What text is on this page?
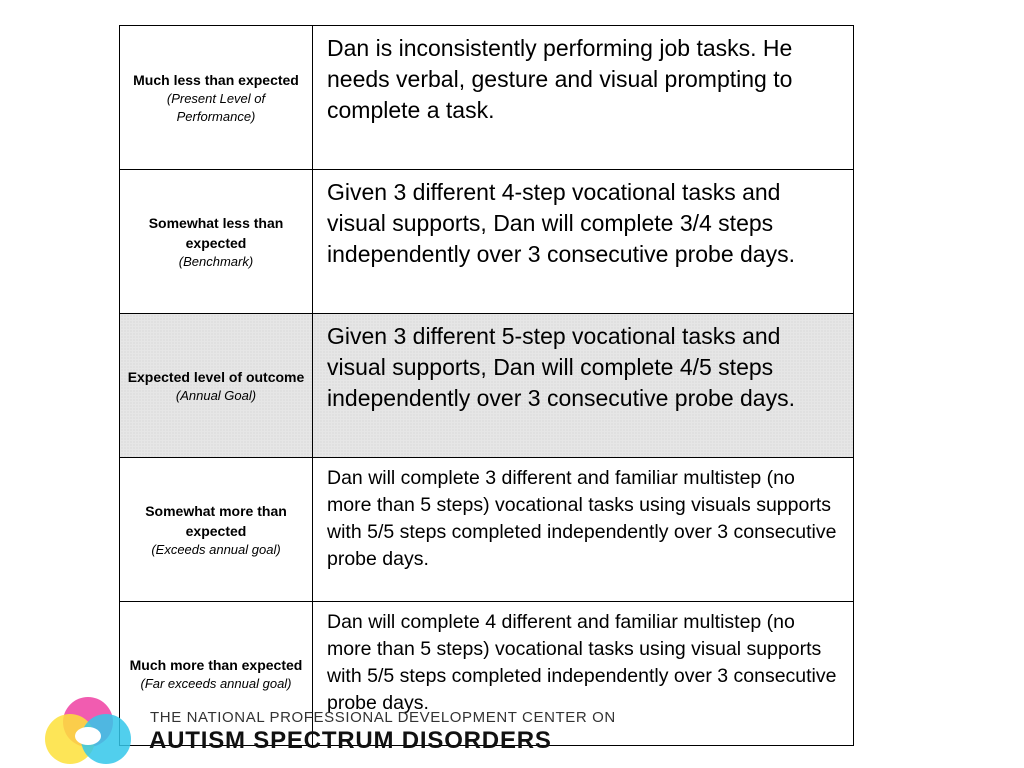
Much less than expected
(Present Level of Performance)	Dan is inconsistently performing job tasks. He needs verbal, gesture and visual prompting to complete a task.

Somewhat less than expected
(Benchmark)	Given 3 different 4-step vocational tasks and visual supports, Dan will complete 3/4 steps independently over 3 consecutive probe days.

Expected level of outcome
(Annual Goal)	Given 3 different 5-step vocational tasks and visual supports, Dan will complete 4/5 steps independently over 3 consecutive probe days.

Somewhat more than expected
(Exceeds annual goal)	Dan will complete 3 different and familiar multistep (no more than 5 steps) vocational tasks using visuals supports with 5/5 steps completed independently over 3 consecutive probe days.

Much more than expected
(Far exceeds annual goal)	Dan will complete 4 different and familiar multistep (no more than 5 steps) vocational tasks using visual supports with 5/5 steps completed independently over 3 consecutive probe days.
THE NATIONAL PROFESSIONAL DEVELOPMENT CENTER ON
AUTISM SPECTRUM DISORDERS
